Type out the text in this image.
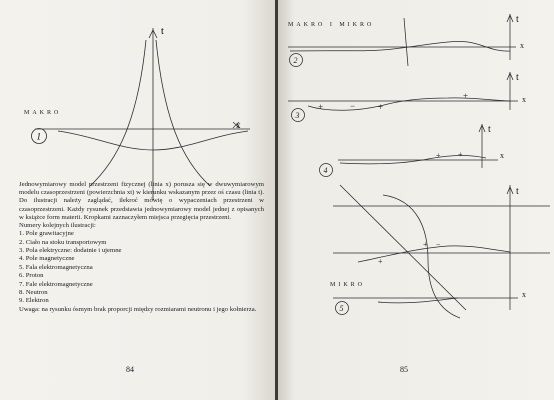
t
x
1
MAKRO

Jednowymiarowy model przestrzeni fizycznej (linia x) porusza się w dwuwymiarowym modelu czasoprzestrzeni (powierzchnia xt) w kierunku wskazanym przez oś czasu (linia t). Do ilustracji należy zaglądać, ilekroć mówię o wypaczeniach przestrzeni w czasoprzestrzeni. Każdy rysunek przedstawia jednowymiarowy model jednej z opisanych w książce form materii. Kropkami zaznaczyłem miejsca przegięcia przestrzeni.

Numery kolejnych ilustracji:

1. Pole grawitacyjne
2. Ciało na stoku transportowym
3. Pola elektryczne: dodatnie i ujemne
4. Pole magnetyczne
5. Fala elektromagnetyczna
6. Proton
7. Fale elektromagnetyczne
8. Neutron
9. Elektron

Uwaga: na rysunku ósmym brak proporcji między rozmiarami neutronu i jego kołnierza.

84
MAKRO I MIKRO
MIKRO
t
x
2
t
x
3
+	−	+
+
t
x
4
+ +
t
x
5
+
+ −
85
